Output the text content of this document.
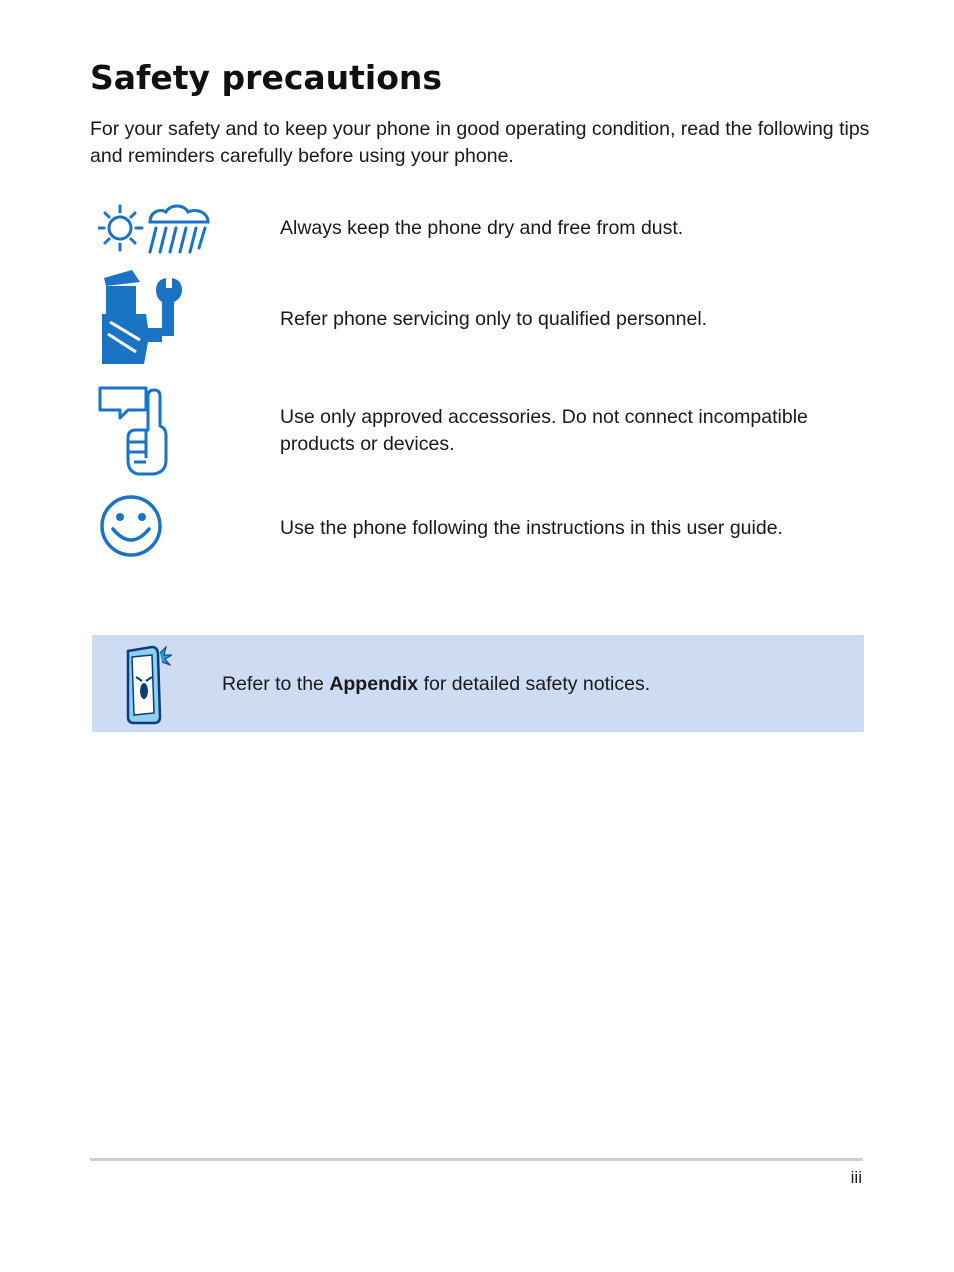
Safety precautions

For your safety and to keep your phone in good operating condition, read the following tips and reminders carefully before using your phone.

Always keep the phone dry and free from dust.

Refer phone servicing only to qualified personnel.

Use only approved accessories. Do not connect incompatible products or devices.

Use the phone following the instructions in this user guide.

Refer to the Appendix for detailed safety notices.

iii
